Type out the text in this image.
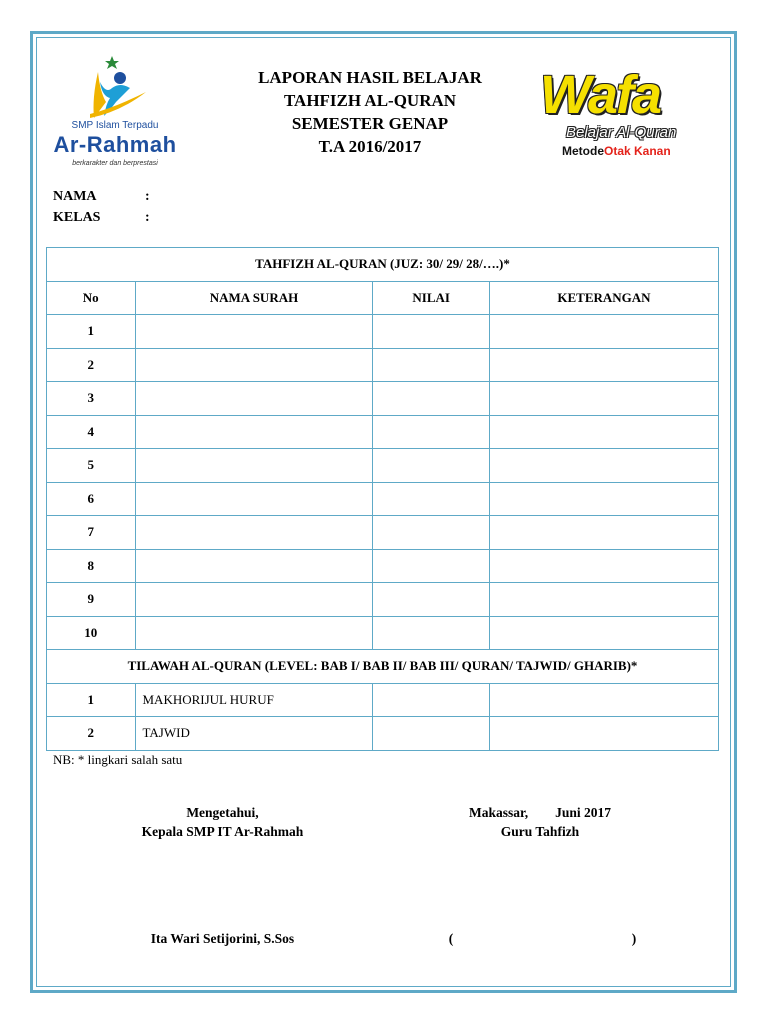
SMP Islam Terpadu
Ar-Rahmah
berkarakter dan berprestasi
LAPORAN HASIL BELAJAR
TAHFIZH AL-QURAN
SEMESTER GENAP
T.A 2016/2017
Wafa
Belajar Al-Quran
MetodeOtak Kanan
NAMA	:
KELAS	:
TAHFIZH AL-QURAN (JUZ: 30/ 29/ 28/….)*			
No	NAMA SURAH	NILAI	KETERANGAN
1			
2			
3			
4			
5			
6			
7			
8			
9			
10			
TILAWAH AL-QURAN (LEVEL: BAB I/ BAB II/ BAB III/ QURAN/ TAJWID/ GHARIB)*			
1	MAKHORIJUL HURUF		
2	TAJWID		
NB: * lingkari salah satu
Mengetahui,
Kepala SMP IT Ar-Rahmah
Makassar,        Juni 2017
Guru Tahfizh
Ita Wari Setijorini, S.Sos	(	)
